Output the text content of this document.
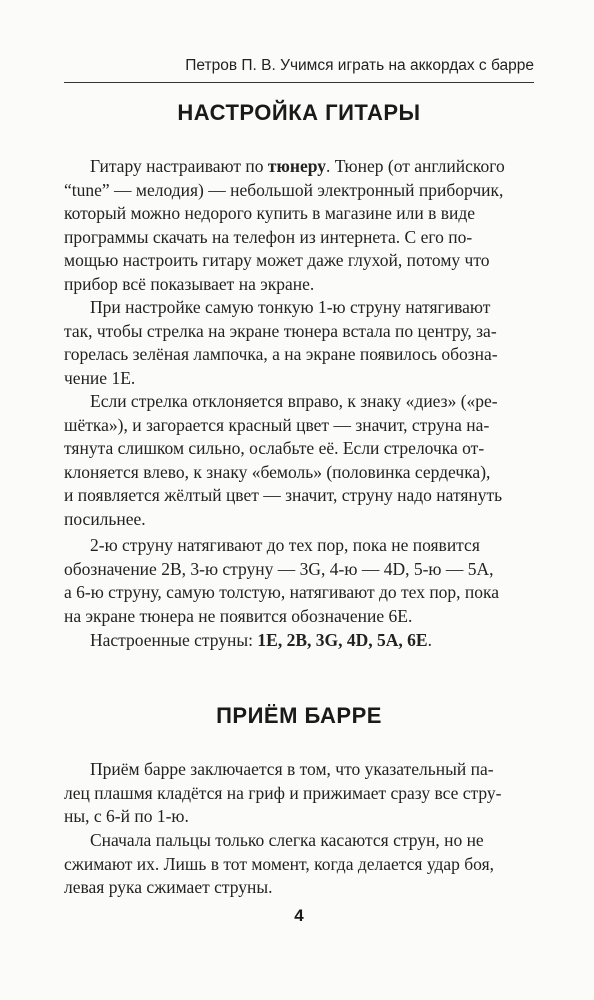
Петров П. В. Учимся играть на аккордах с барре
НАСТРОЙКА ГИТАРЫ

Гитару настраивают по тюнеру. Тюнер (от английского
“tune” — мелодия) — небольшой электронный приборчик,
который можно недорого купить в магазине или в виде
программы скачать на телефон из интернета. С его по-
мощью настроить гитару может даже глухой, потому что
прибор всё показывает на экране.

При настройке самую тонкую 1-ю струну натягивают
так, чтобы стрелка на экране тюнера встала по центру, за-
горелась зелёная лампочка, а на экране появилось обозна-
чение 1E.

Если стрелка отклоняется вправо, к знаку «диез» («ре-
шётка»), и загорается красный цвет — значит, струна на-
тянута слишком сильно, ослабьте её. Если стрелочка от-
клоняется влево, к знаку «бемоль» (половинка сердечка),
и появляется жёлтый цвет — значит, струну надо натянуть
посильнее.

2-ю струну натягивают до тех пор, пока не появится
обозначение 2B, 3-ю струну — 3G, 4-ю — 4D, 5-ю — 5A,
а 6-ю струну, самую толстую, натягивают до тех пор, пока
на экране тюнера не появится обозначение 6E.

Настроенные струны: 1E, 2B, 3G, 4D, 5A, 6E.

ПРИЁМ БАРРЕ

Приём барре заключается в том, что указательный па-
лец плашмя кладётся на гриф и прижимает сразу все стру-
ны, с 6-й по 1-ю.

Сначала пальцы только слегка касаются струн, но не
сжимают их. Лишь в тот момент, когда делается удар боя,
левая рука сжимает струны.

4
